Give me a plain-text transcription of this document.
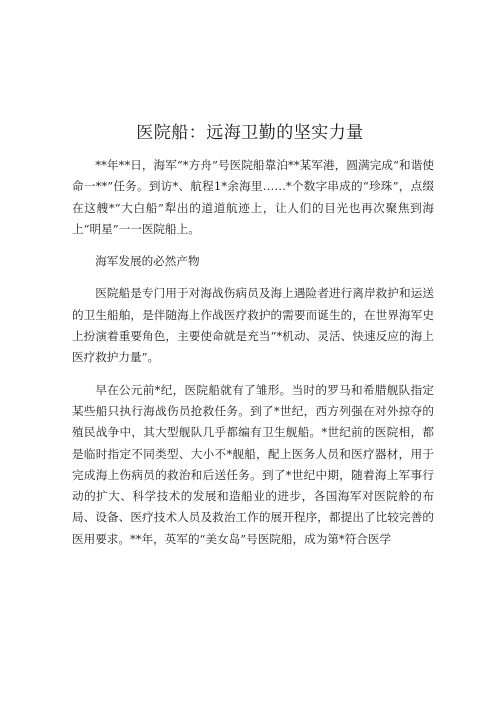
医院船：远海卫勤的坚实力量

**年**日，海军“*方舟”号医院船靠泊**某军港，圆满完成“和谐使命一**”任务。到访*、航程1*余海里……*个数字串成的“珍珠”，点缀在这艘*“大白船”犁出的道道航迹上，让人们的目光也再次聚焦到海上“明星”一一医院船上。

海军发展的必然产物

医院船是专门用于对海战伤病员及海上遇险者进行离岸救护和运送的卫生船舶，是伴随海上作战医疗救护的需要而诞生的，在世界海军史上扮演着重要角色，主要使命就是充当“*机动、灵活、快速反应的海上医疗救护力量”。

早在公元前*纪，医院船就有了雏形。当时的罗马和希腊舰队指定某些船只执行海战伤员抢救任务。到了*世纪，西方列强在对外掠夺的殖民战争中，其大型舰队几乎都编有卫生舰船。*世纪前的医院相，都是临时指定不同类型、大小不*舰船，配上医务人员和医疗器材，用于完成海上伤病员的救治和后送任务。到了*世纪中期，随着海上军事行动的扩大、科学技术的发展和造船业的进步，各国海军对医院舲的布局、设备、医疗技术人员及救治工作的展开程序，都提出了比较完善的医用要求。**年，英军的“美女岛”号医院船，成为第*符合医学
